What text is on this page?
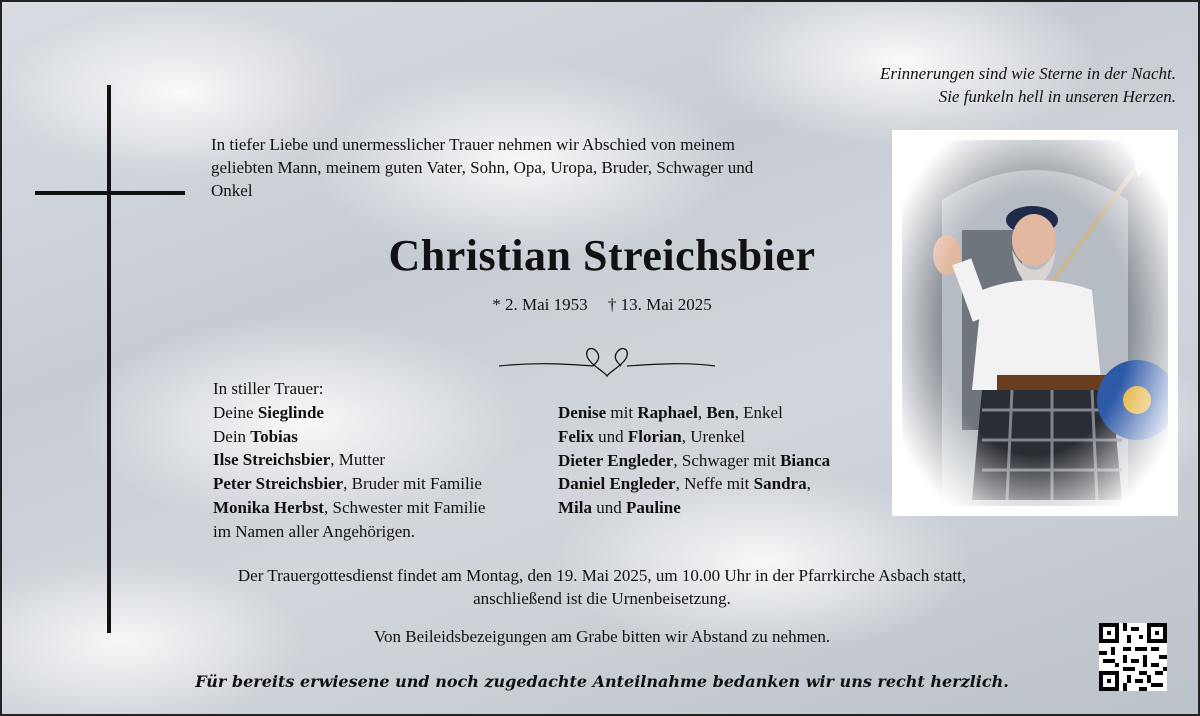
Erinnerungen sind wie Sterne in der Nacht.
Sie funkeln hell in unseren Herzen.
In tiefer Liebe und unermesslicher Trauer nehmen wir Abschied von meinem
geliebten Mann, meinem guten Vater, Sohn, Opa, Uropa, Bruder, Schwager und
Onkel
Christian Streichsbier
* 2. Mai 1953 † 13. Mai 2025
In stiller Trauer:
Deine Sieglinde
Dein Tobias
Ilse Streichsbier, Mutter
Peter Streichsbier, Bruder mit Familie
Monika Herbst, Schwester mit Familie
im Namen aller Angehörigen.
Denise mit Raphael, Ben, Enkel
Felix und Florian, Urenkel
Dieter Engleder, Schwager mit Bianca
Daniel Engleder, Neffe mit Sandra,
Mila und Pauline
Der Trauergottesdienst findet am Montag, den 19. Mai 2025, um 10.00 Uhr in der Pfarrkirche Asbach statt,
anschließend ist die Urnenbeisetzung.
Von Beileidsbezeigungen am Grabe bitten wir Abstand zu nehmen.
Für bereits erwiesene und noch zugedachte Anteilnahme bedanken wir uns recht herzlich.
